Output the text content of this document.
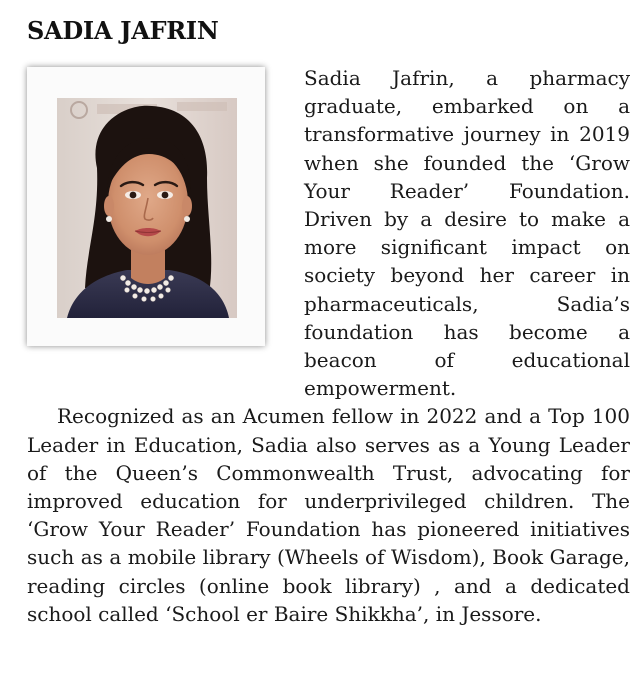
SADIA JAFRIN

Sadia Jafrin, a pharmacy graduate, embarked on a transformative journey in 2019 when she founded the ‘Grow Your Reader’ Foundation. Driven by a desire to make a more significant impact on society beyond her career in pharmaceuticals, Sadia’s foundation has become a beacon of educational empowerment.

Recognized as an Acumen fellow in 2022 and a Top 100 Leader in Education, Sadia also serves as a Young Leader of the Queen’s Commonwealth Trust, advocating for improved education for underprivileged children. The ‘Grow Your Reader’ Foundation has pioneered initiatives such as a mobile library (Wheels of Wisdom), Book Garage, reading circles (online book library) , and a dedicated school called ‘School er Baire Shikkha’, in Jessore.
